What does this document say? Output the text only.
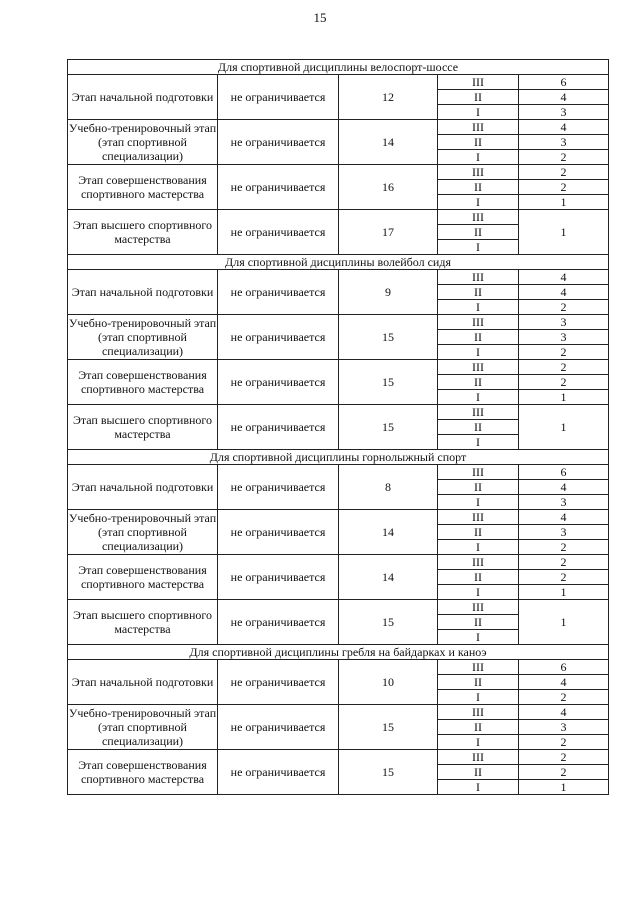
15
Для спортивной дисциплины велоспорт-шоссе				
Этап начальной подготовки	не ограничивается	12	III	6
			II	4
			I	3
Учебно-тренировочный этап (этап спортивной специализации)	не ограничивается	14	III	4
			II	3
			I	2
Этап совершенствования спортивного мастерства	не ограничивается	16	III	2
			II	2
			I	1
Этап высшего спортивного мастерства	не ограничивается	17	III	1
			II	
			I	
Для спортивной дисциплины волейбол сидя				
Этап начальной подготовки	не ограничивается	9	III	4
			II	4
			I	2
Учебно-тренировочный этап (этап спортивной специализации)	не ограничивается	15	III	3
			II	3
			I	2
Этап совершенствования спортивного мастерства	не ограничивается	15	III	2
			II	2
			I	1
Этап высшего спортивного мастерства	не ограничивается	15	III	1
			II	
			I	
Для спортивной дисциплины горнолыжный спорт				
Этап начальной подготовки	не ограничивается	8	III	6
			II	4
			I	3
Учебно-тренировочный этап (этап спортивной специализации)	не ограничивается	14	III	4
			II	3
			I	2
Этап совершенствования спортивного мастерства	не ограничивается	14	III	2
			II	2
			I	1
Этап высшего спортивного мастерства	не ограничивается	15	III	1
			II	
			I	
Для спортивной дисциплины гребля на байдарках и каноэ				
Этап начальной подготовки	не ограничивается	10	III	6
			II	4
			I	2
Учебно-тренировочный этап (этап спортивной специализации)	не ограничивается	15	III	4
			II	3
			I	2
Этап совершенствования спортивного мастерства	не ограничивается	15	III	2
			II	2
			I	1
